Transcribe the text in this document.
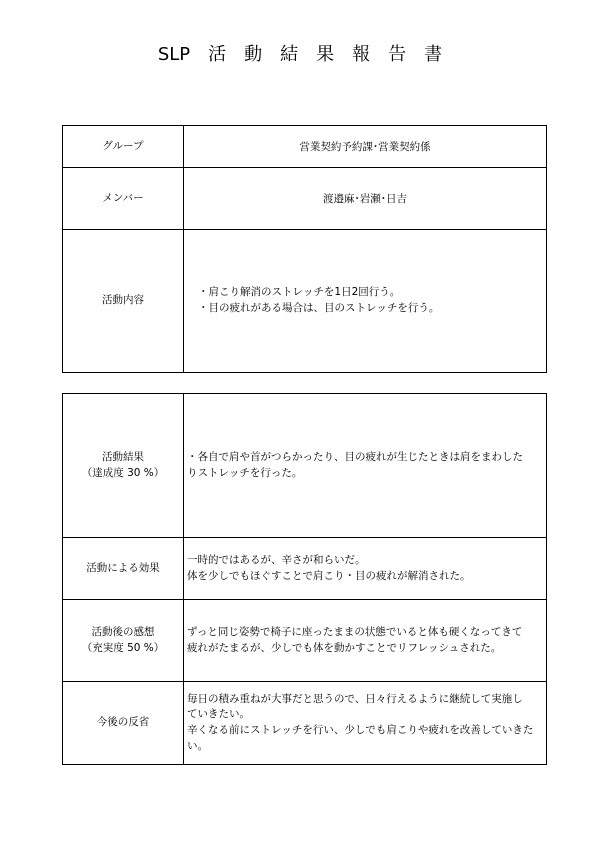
SLP　活　動　結　果　報　告　書
グループ	営業契約予約課･営業契約係
メンバー	渡邉麻･岩瀬･日吉
活動内容	・肩こり解消のストレッチを1日2回行う。
・目の疲れがある場合は、目のストレッチを行う。
活動結果
（達成度 30 %）	・各自で肩や首がつらかったり、目の疲れが生じたときは肩をまわした
りストレッチを行った。

活動による効果	一時的ではあるが、辛さが和らいだ。
体を少しでもほぐすことで肩こり・目の疲れが解消された。

活動後の感想
（充実度 50 %）	ずっと同じ姿勢で椅子に座ったままの状態でいると体も硬くなってきて
疲れがたまるが、少しでも体を動かすことでリフレッシュされた。

今後の反省	毎日の積み重ねが大事だと思うので、日々行えるように継続して実施し
ていきたい。
辛くなる前にストレッチを行い、少しでも肩こりや疲れを改善していきた
い。
